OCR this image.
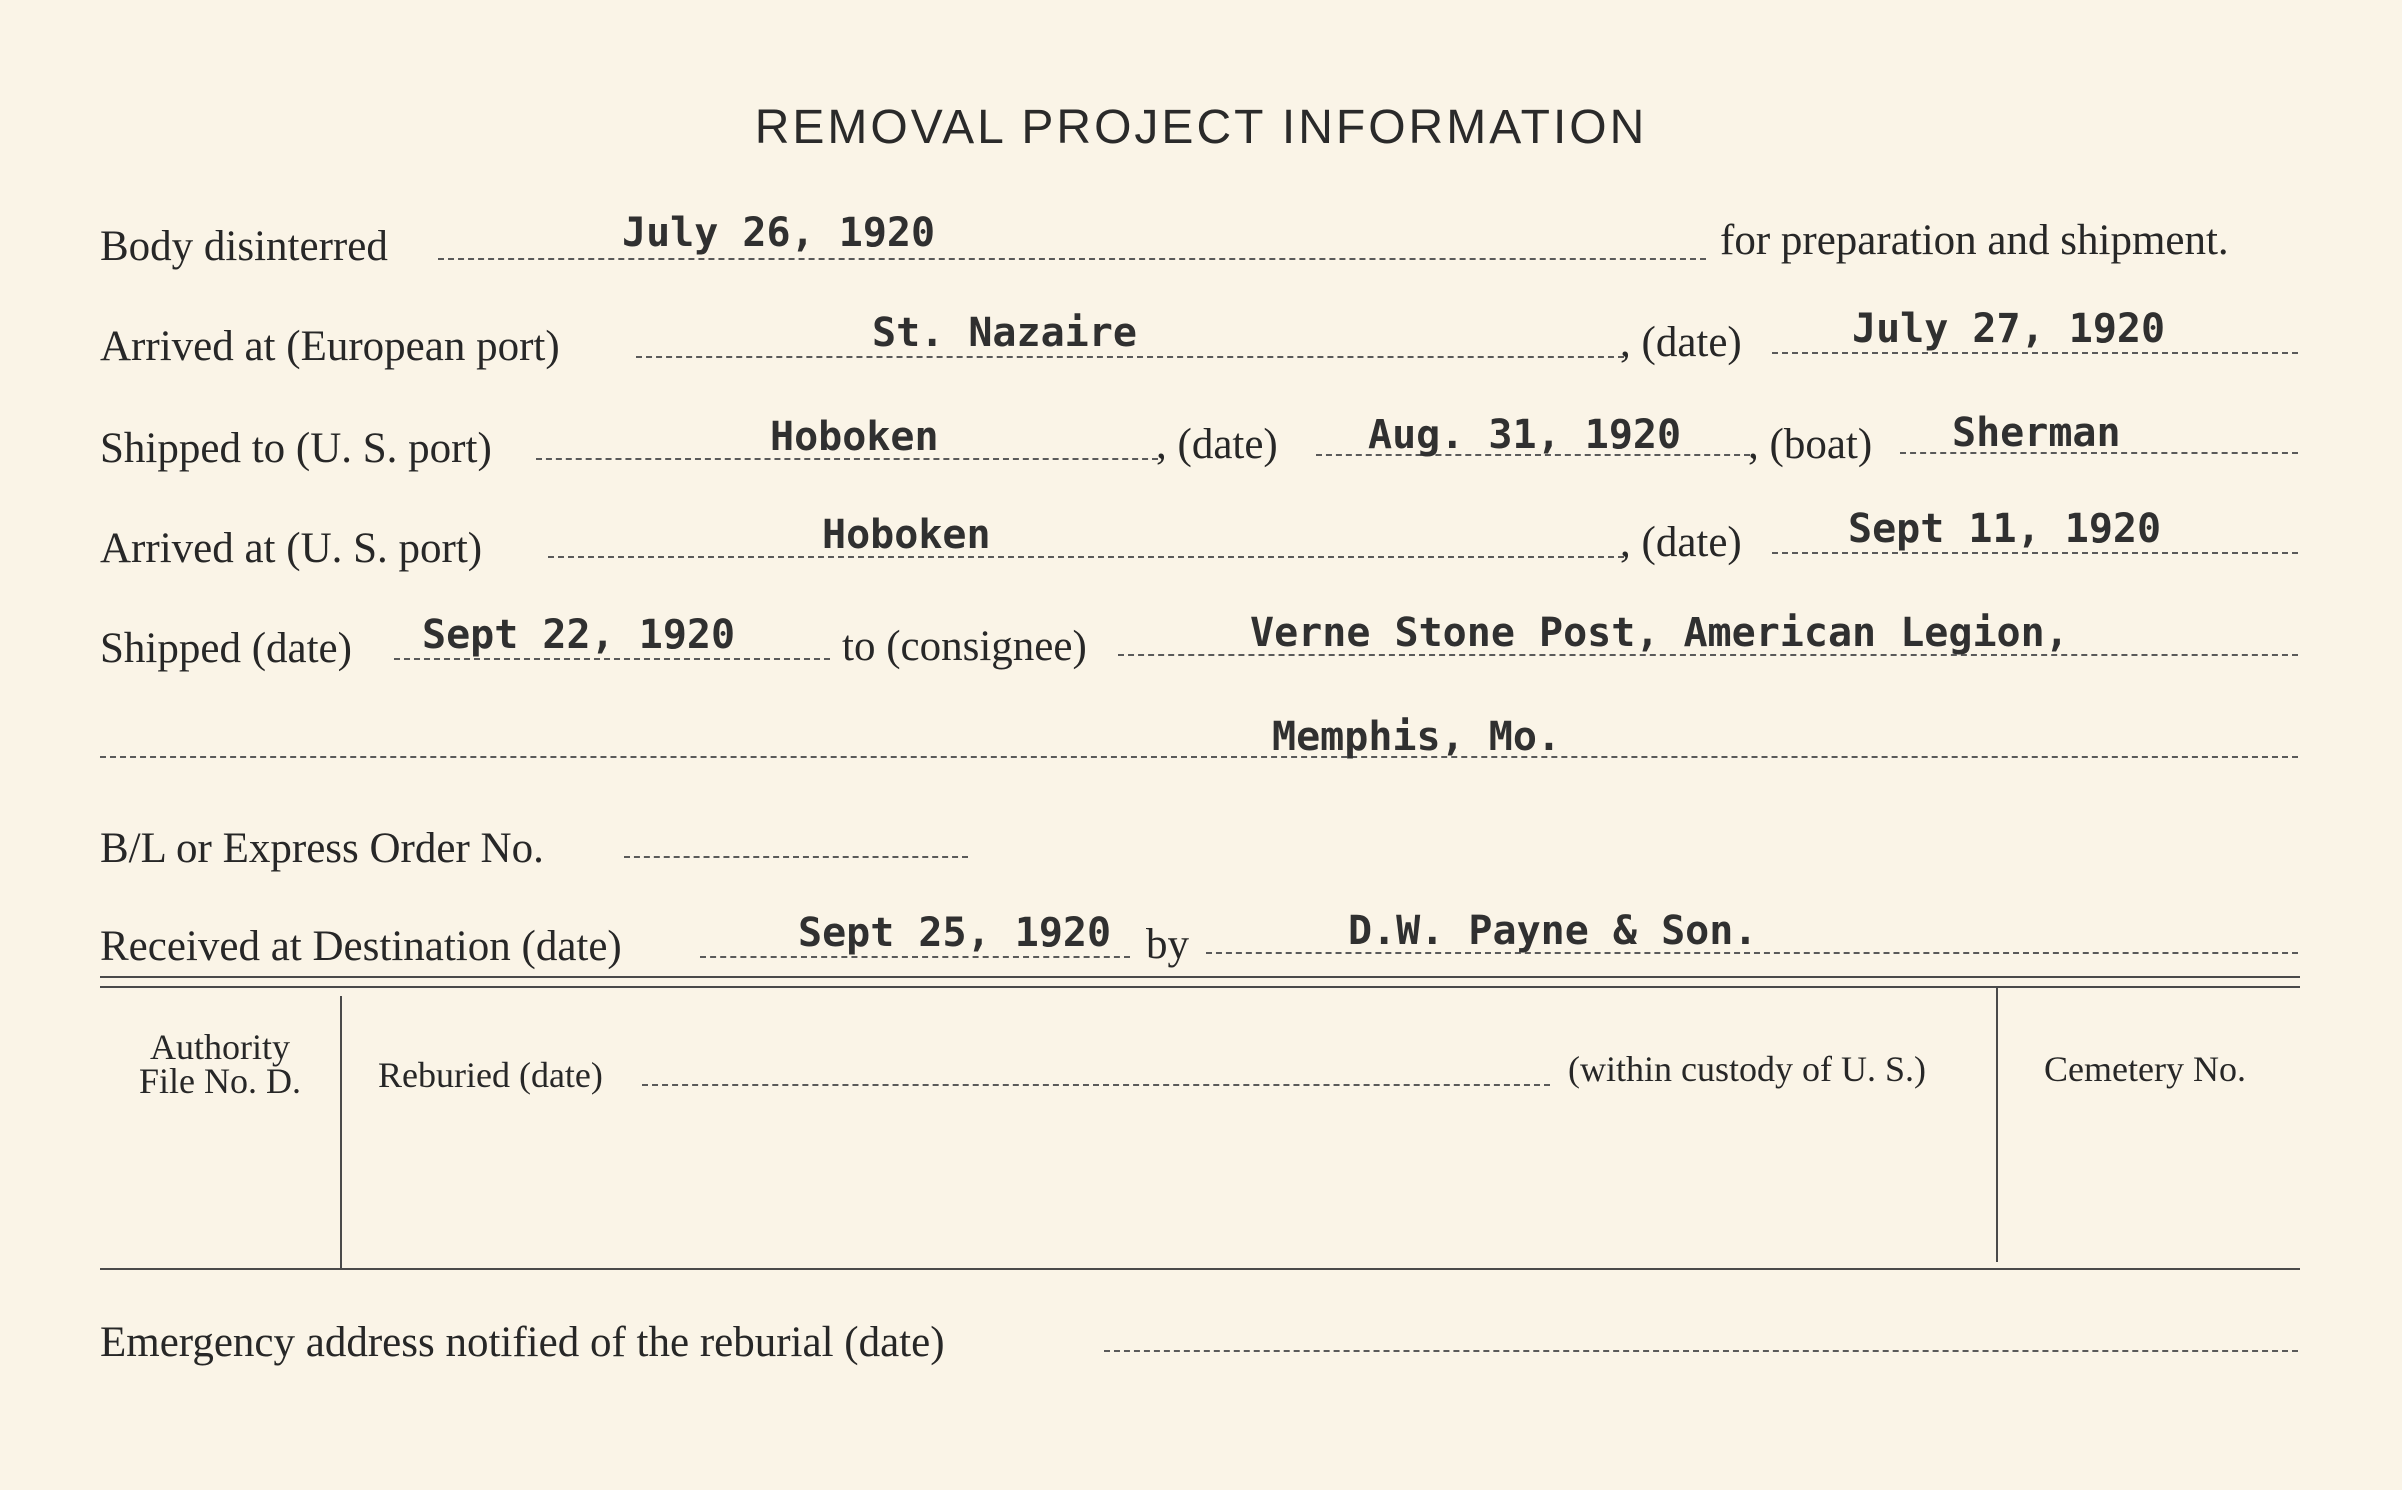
REMOVAL PROJECT INFORMATION
Body disinterred	July 26, 1920	for preparation and shipment.
Arrived at (European port)	St. Nazaire	, (date)	July 27, 1920
Shipped to (U. S. port)	Hoboken	, (date) Aug. 31, 1920 , (boat) Sherman
Arrived at (U. S. port)	Hoboken	, (date)	Sept 11, 1920
Shipped (date) Sept 22, 1920 to (consignee)	Verne Stone Post, American Legion,
Memphis, Mo.
B/L or Express Order No.
Received at Destination (date)	Sept 25, 1920 by	D.W. Payne & Son.
Authority
File No. D.	Reburied (date)	(within custody of U. S.)	Cemetery No.
Emergency address notified of the reburial (date)
